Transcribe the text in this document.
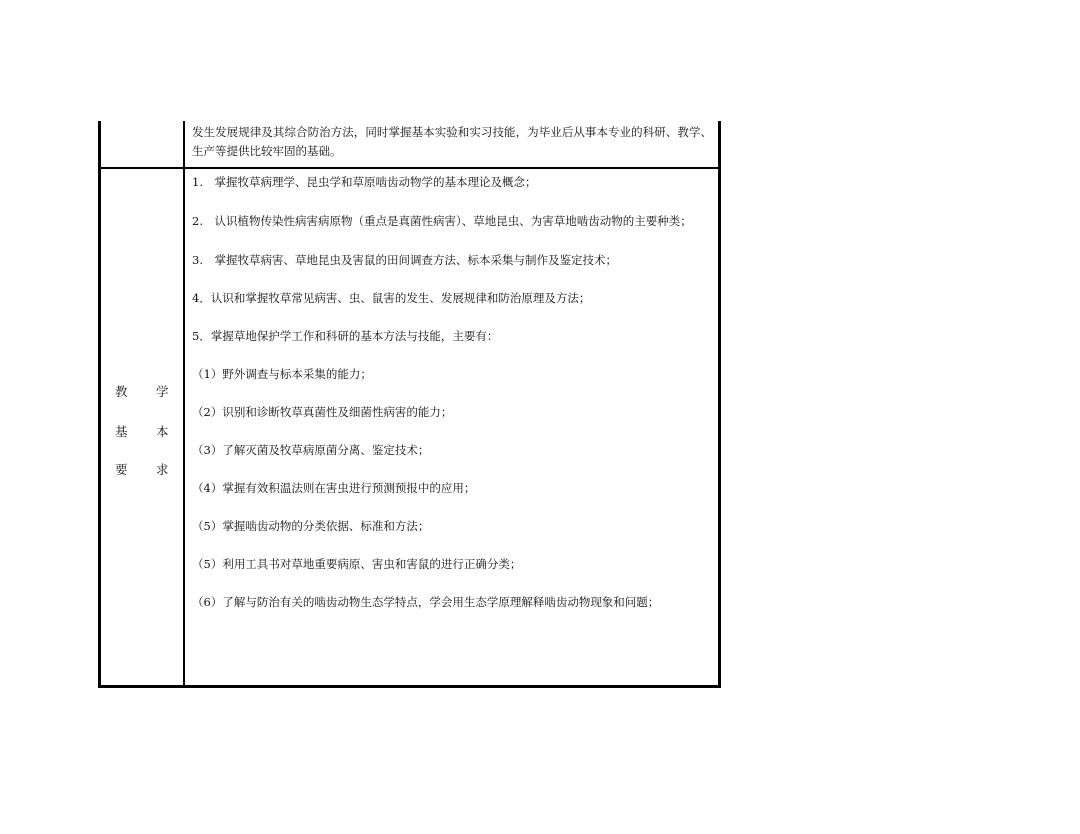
发生发展规律及其综合防治方法，同时掌握基本实验和实习技能，为毕业后从事本专业的科研、教学、生产等提供比较牢固的基础。
教 学
基 本
要 求
1.　掌握牧草病理学、昆虫学和草原啮齿动物学的基本理论及概念；
2.　认识植物传染性病害病原物（重点是真菌性病害）、草地昆虫、为害草地啮齿动物的主要种类；
3.　掌握牧草病害、草地昆虫及害鼠的田间调查方法、标本采集与制作及鉴定技术；
4．认识和掌握牧草常见病害、虫、鼠害的发生、发展规律和防治原理及方法；
5．掌握草地保护学工作和科研的基本方法与技能，主要有：
（1）野外调查与标本采集的能力；
（2）识别和诊断牧草真菌性及细菌性病害的能力；
（3）了解灭菌及牧草病原菌分离、鉴定技术；
（4）掌握有效积温法则在害虫进行预测预报中的应用；
（5）掌握啮齿动物的分类依据、标准和方法；
（5）利用工具书对草地重要病原、害虫和害鼠的进行正确分类；
（6）了解与防治有关的啮齿动物生态学特点，学会用生态学原理解释啮齿动物现象和问题；
